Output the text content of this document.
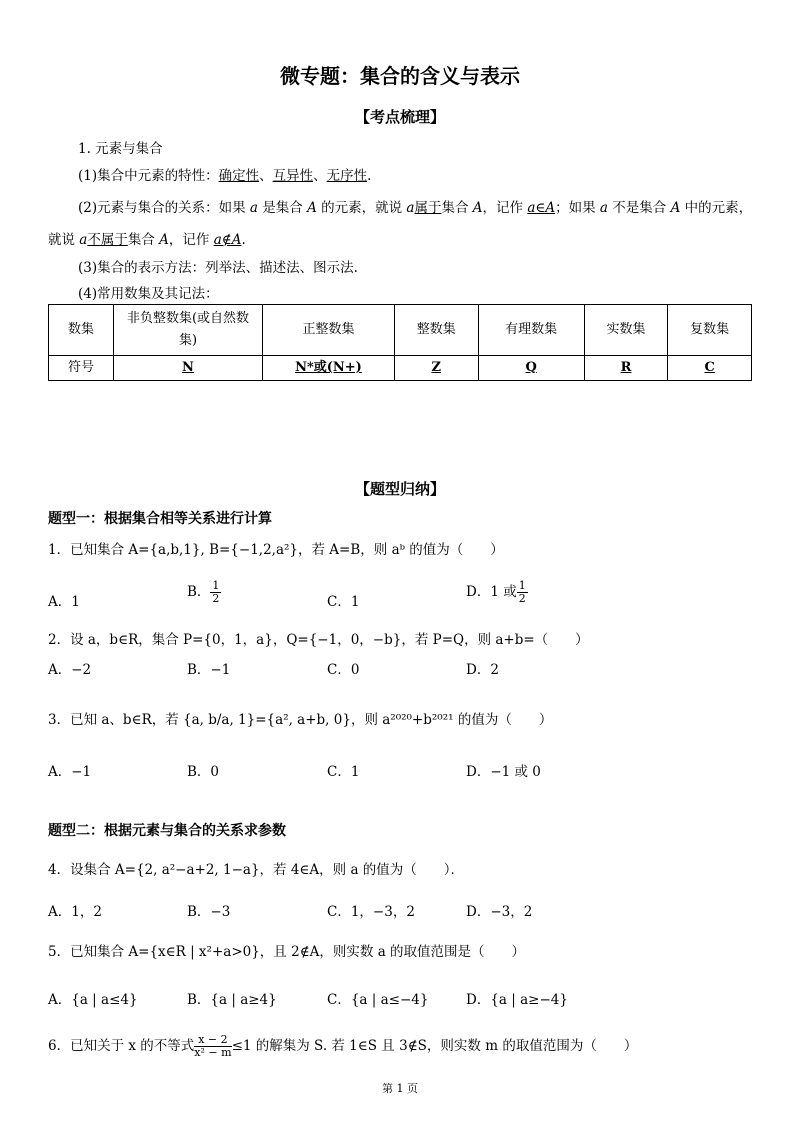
微专题：集合的含义与表示
【考点梳理】
1. 元素与集合
(1)集合中元素的特性：确定性、互异性、无序性.
(2)元素与集合的关系：如果 a 是集合 A 的元素，就说 a属于集合 A，记作 a∈A；如果 a 不是集合 A 中的元素，
就说 a不属于集合 A，记作 a∉A.
(3)集合的表示方法：列举法、描述法、图示法.
(4)常用数集及其记法：
数集	非负整数集(或自然数集)	正整数集	整数集	有理数集	实数集	复数集
符号	N	N*或(N+)	Z	Q	R	C
【题型归纳】
题型一：根据集合相等关系进行计算
1．已知集合 A={a,b,1}, B={−1,2,a²}，若 A=B，则 aᵇ 的值为（　　）
A．1
B． $\frac{1}{2}$	C．1
D．1 或 $\frac{1}{2}$
2．设 a，b∈R，集合 P={0，1，a}，Q={−1，0，−b}，若 P=Q，则 a+b=（　　）
A．−2	B．−1	C．0	D．2
3．已知 a、b∈R，若 {a, b/a, 1}={a², a+b, 0}，则 a²⁰²⁰+b²⁰²¹ 的值为（　　）
A．−1	B．0	C．1	D．−1 或 0
题型二：根据元素与集合的关系求参数
4．设集合 A={2, a²−a+2, 1−a}，若 4∈A，则 a 的值为（　　）．
A．1，2	B．−3	C．1，−3，2	D．−3，2
5．已知集合 A={x∈R | x²+a>0}，且 2∉A，则实数 a 的取值范围是（　　）
A．{a | a≤4}	B．{a | a≥4}	C．{a | a≤−4}	D．{a | a≥−4}
6．已知关于 x 的不等式 $\frac{x - 2}{\text{x² − m}} \le 1$ 的解集为 S. 若 1∈S 且 3∉S，则实数 m 的取值范围为（　　）
第 1 页
